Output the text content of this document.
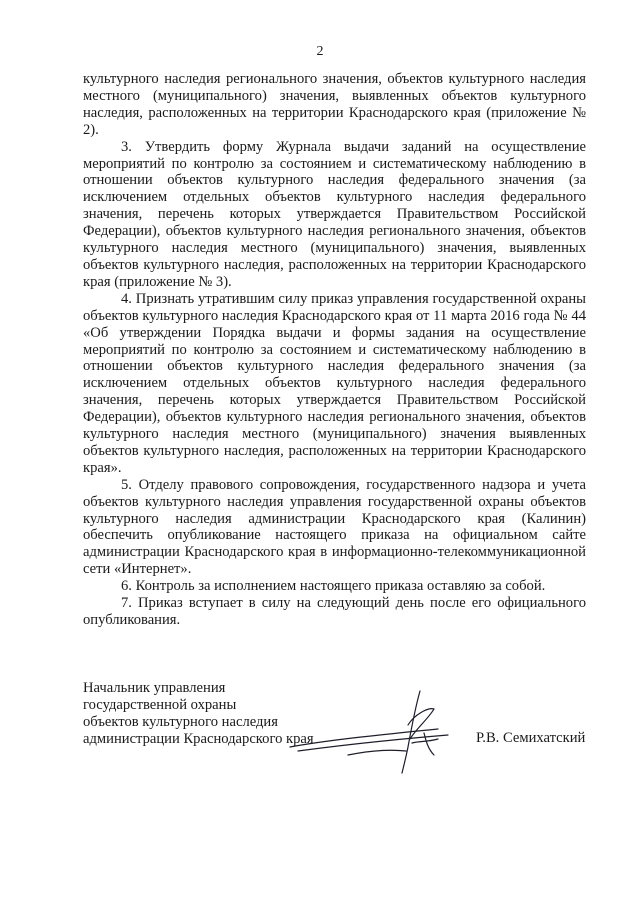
2

культурного наследия регионального значения, объектов культурного наследия местного (муниципального) значения, выявленных объектов культурного наследия, расположенных на территории Краснодарского края (приложение № 2).

3. Утвердить форму Журнала выдачи заданий на осуществление мероприятий по контролю за состоянием и систематическому наблюдению в отношении объектов культурного наследия федерального значения (за исключением отдельных объектов культурного наследия федерального значения, перечень которых утверждается Правительством Российской Федерации), объектов культурного наследия регионального значения, объектов культурного наследия местного (муниципального) значения, выявленных объектов культурного наследия, расположенных на территории Краснодарского края (приложение № 3).

4. Признать утратившим силу приказ управления государственной охраны объектов культурного наследия Краснодарского края от 11 марта 2016 года № 44 «Об утверждении Порядка выдачи и формы задания на осуществление мероприятий по контролю за состоянием и систематическому наблюдению в отношении объектов культурного наследия федерального значения (за исключением отдельных объектов культурного наследия федерального значения, перечень которых утверждается Правительством Российской Федерации), объектов культурного наследия регионального значения, объектов культурного наследия местного (муниципального) значения выявленных объектов культурного наследия, расположенных на территории Краснодарского края».

5. Отделу правового сопровождения, государственного надзора и учета объектов культурного наследия управления государственной охраны объектов культурного наследия администрации Краснодарского края (Калинин) обеспечить опубликование настоящего приказа на официальном сайте администрации Краснодарского края в информационно-телекоммуникационной сети «Интернет».

6. Контроль за исполнением настоящего приказа оставляю за собой.

7. Приказ вступает в силу на следующий день после его официального опубликования.

Начальник управления
государственной охраны
объектов культурного наследия
администрации Краснодарского края	Р.В. Семихатский
